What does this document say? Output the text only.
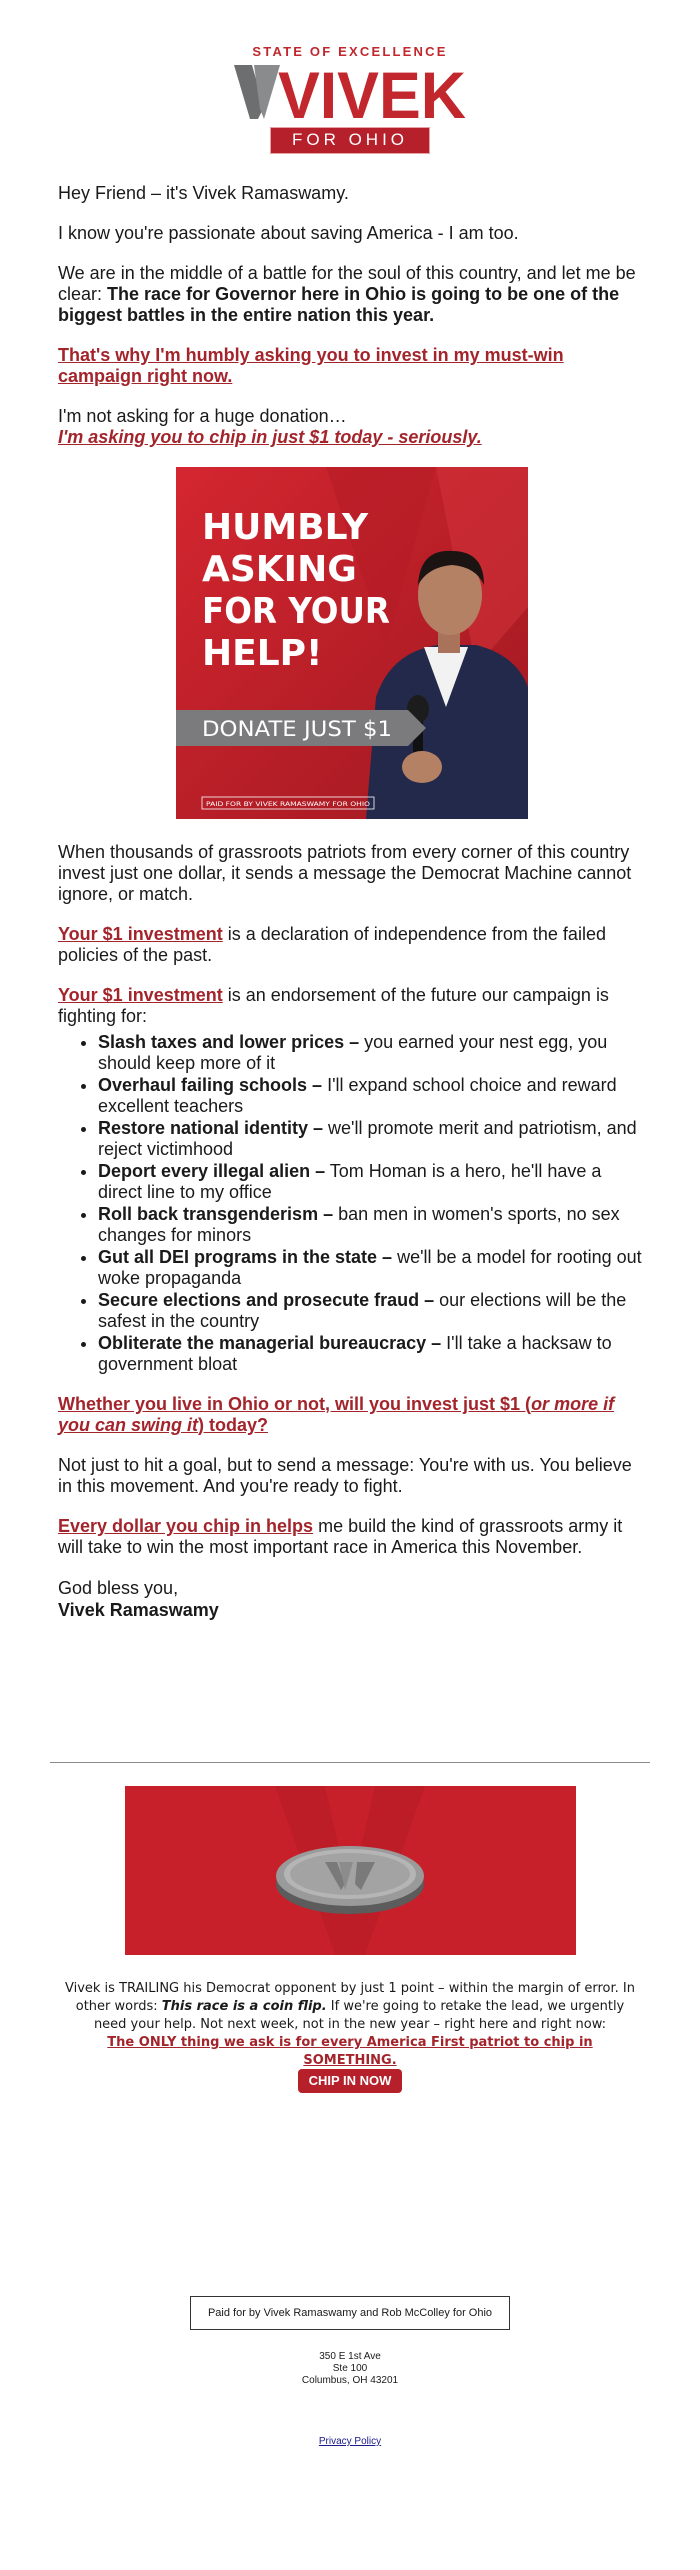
STATE OF EXCELLENCE
VIVEK
FOR OHIO

Hey Friend – it's Vivek Ramaswamy.

I know you're passionate about saving America - I am too.

We are in the middle of a battle for the soul of this country, and let me be clear: The race for Governor here in Ohio is going to be one of the biggest battles in the entire nation this year.

That's why I'm humbly asking you to invest in my must-win campaign right now.

I'm not asking for a huge donation…
I'm asking you to chip in just $1 today - seriously.

HUMBLY
ASKING
FOR YOUR
HELP!
DONATE JUST $1
PAID FOR BY VIVEK RAMASWAMY FOR OHIO

When thousands of grassroots patriots from every corner of this country invest just one dollar, it sends a message the Democrat Machine cannot ignore, or match.

Your $1 investment is a declaration of independence from the failed policies of the past.

Your $1 investment is an endorsement of the future our campaign is fighting for:

• Slash taxes and lower prices – you earned your nest egg, you should keep more of it
• Overhaul failing schools – I'll expand school choice and reward excellent teachers
• Restore national identity – we'll promote merit and patriotism, and reject victimhood
• Deport every illegal alien – Tom Homan is a hero, he'll have a direct line to my office
• Roll back transgenderism – ban men in women's sports, no sex changes for minors
• Gut all DEI programs in the state – we'll be a model for rooting out woke propaganda
• Secure elections and prosecute fraud – our elections will be the safest in the country
• Obliterate the managerial bureaucracy – I'll take a hacksaw to government bloat

Whether you live in Ohio or not, will you invest just $1 (or more if you can swing it) today?

Not just to hit a goal, but to send a message: You're with us. You believe in this movement. And you're ready to fight.

Every dollar you chip in helps me build the kind of grassroots army it will take to win the most important race in America this November.

God bless you,
Vivek Ramaswamy

Vivek is TRAILING his Democrat opponent by just 1 point – within the margin of error. In other words: This race is a coin flip. If we're going to retake the lead, we urgently need your help. Not next week, not in the new year – right here and right now:
The ONLY thing we ask is for every America First patriot to chip in SOMETHING.
CHIP IN NOW
Paid for by Vivek Ramaswamy and Rob McColley for Ohio
350 E 1st Ave
Ste 100
Columbus, OH 43201
Privacy Policy
